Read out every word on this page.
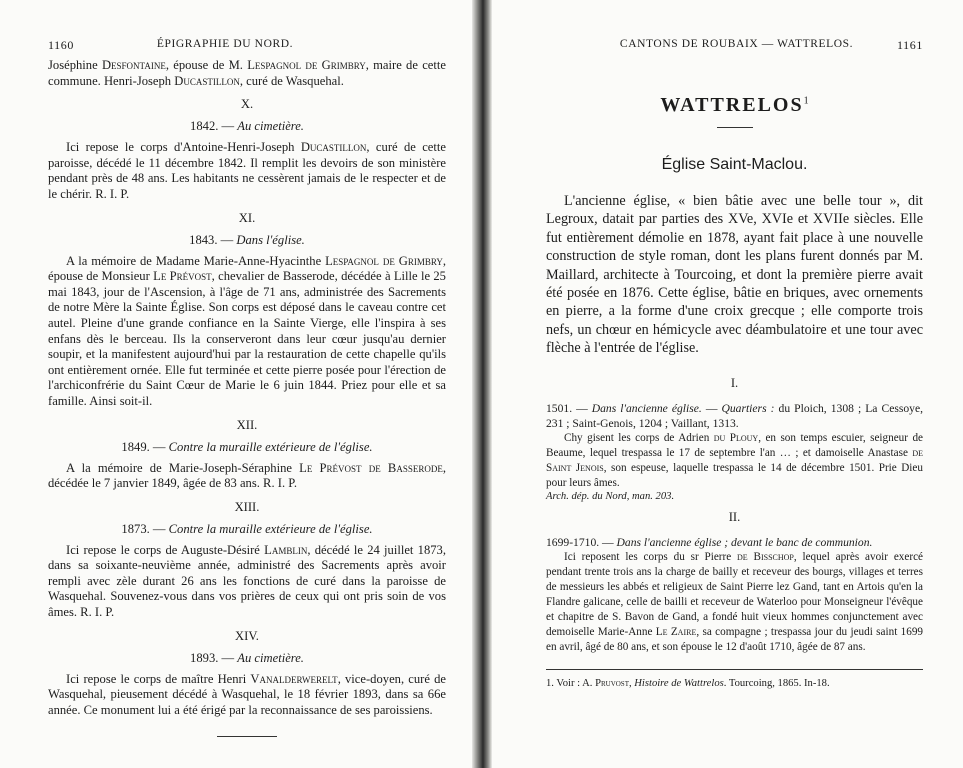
1160	ÉPIGRAPHIE DU NORD.

Joséphine Desfontaine, épouse de M. Lespagnol de Grimbry, maire de cette commune. Henri-Joseph Ducastillon, curé de Wasquehal.

X.
1842. — Au cimetière.

Ici repose le corps d'Antoine-Henri-Joseph Ducastillon, curé de cette paroisse, décédé le 11 décembre 1842. Il remplit les devoirs de son ministère pendant près de 48 ans. Les habitants ne cessèrent jamais de le respecter et de le chérir. R. I. P.

XI.
1843. — Dans l'église.

A la mémoire de Madame Marie-Anne-Hyacinthe Lespagnol de Grimbry, épouse de Monsieur Le Prévost, chevalier de Basserode, décédée à Lille le 25 mai 1843, jour de l'Ascension, à l'âge de 71 ans, administrée des Sacrements de notre Mère la Sainte Église. Son corps est déposé dans le caveau contre cet autel. Pleine d'une grande confiance en la Sainte Vierge, elle l'inspira à ses enfans dès le berceau. Ils la conserveront dans leur cœur jusqu'au dernier soupir, et la manifestent aujourd'hui par la restauration de cette chapelle qu'ils ont entièrement ornée. Elle fut terminée et cette pierre posée pour l'érection de l'archiconfrérie du Saint Cœur de Marie le 6 juin 1844. Priez pour elle et sa famille. Ainsi soit-il.

XII.
1849. — Contre la muraille extérieure de l'église.

A la mémoire de Marie-Joseph-Séraphine Le Prévost de Basserode, décédée le 7 janvier 1849, âgée de 83 ans. R. I. P.

XIII.
1873. — Contre la muraille extérieure de l'église.

Ici repose le corps de Auguste-Désiré Lamblin, décédé le 24 juillet 1873, dans sa soixante-neuvième année, administré des Sacrements après avoir rempli avec zèle durant 26 ans les fonctions de curé dans la paroisse de Wasquehal. Souvenez-vous dans vos prières de ceux qui ont pris soin de vos âmes. R. I. P.

XIV.
1893. — Au cimetière.

Ici repose le corps de maître Henri Vanalderwerelt, vice-doyen, curé de Wasquehal, pieusement décédé à Wasquehal, le 18 février 1893, dans sa 66e année. Ce monument lui a été érigé par la reconnaissance de ses paroissiens.

CANTONS DE ROUBAIX — WATTRELOS.	1161
WATTRELOS$^1$
Église Saint-Maclou.

L'ancienne église, « bien bâtie avec une belle tour », dit Legroux, datait par parties des XVe, XVIe et XVIIe siècles. Elle fut entièrement démolie en 1878, ayant fait place à une nouvelle construction de style roman, dont les plans furent donnés par M. Maillard, architecte à Tourcoing, et dont la première pierre avait été posée en 1876. Cette église, bâtie en briques, avec ornements en pierre, a la forme d'une croix grecque ; elle comporte trois nefs, un chœur en hémicycle avec déambulatoire et une tour avec flèche à l'entrée de l'église.

I.

1501. — Dans l'ancienne église. — Quartiers : du Ploich, 1308 ; La Cessoye, 231 ; Saint-Genois, 1204 ; Vaillant, 1313.

Chy gisent les corps de Adrien du Plouy, en son temps escuier, seigneur de Beaume, lequel trespassa le 17 de septembre l'an … ; et damoiselle Anastase de Saint Jenois, son espeuse, laquelle trespassa le 14 de décembre 1501. Prie Dieu pour leurs âmes.

Arch. dép. du Nord, man. 203.

II.

1699-1710. — Dans l'ancienne église ; devant le banc de communion.

Ici reposent les corps du sr Pierre de Bisschop, lequel après avoir exercé pendant trente trois ans la charge de bailly et receveur des bourgs, villages et terres de messieurs les abbés et religieux de Saint Pierre lez Gand, tant en Artois qu'en la Flandre galicane, celle de bailli et receveur de Waterloo pour Monseigneur l'évêque et chapitre de S. Bavon de Gand, a fondé huit vieux hommes conjunctement avec demoiselle Marie-Anne Le Zaire, sa compagne ; trespassa jour du jeudi saint 1699 en avril, âgé de 80 ans, et son épouse le 12 d'août 1710, âgée de 87 ans.

1. Voir : A. Pruvost, Histoire de Wattrelos. Tourcoing, 1865. In-18.
